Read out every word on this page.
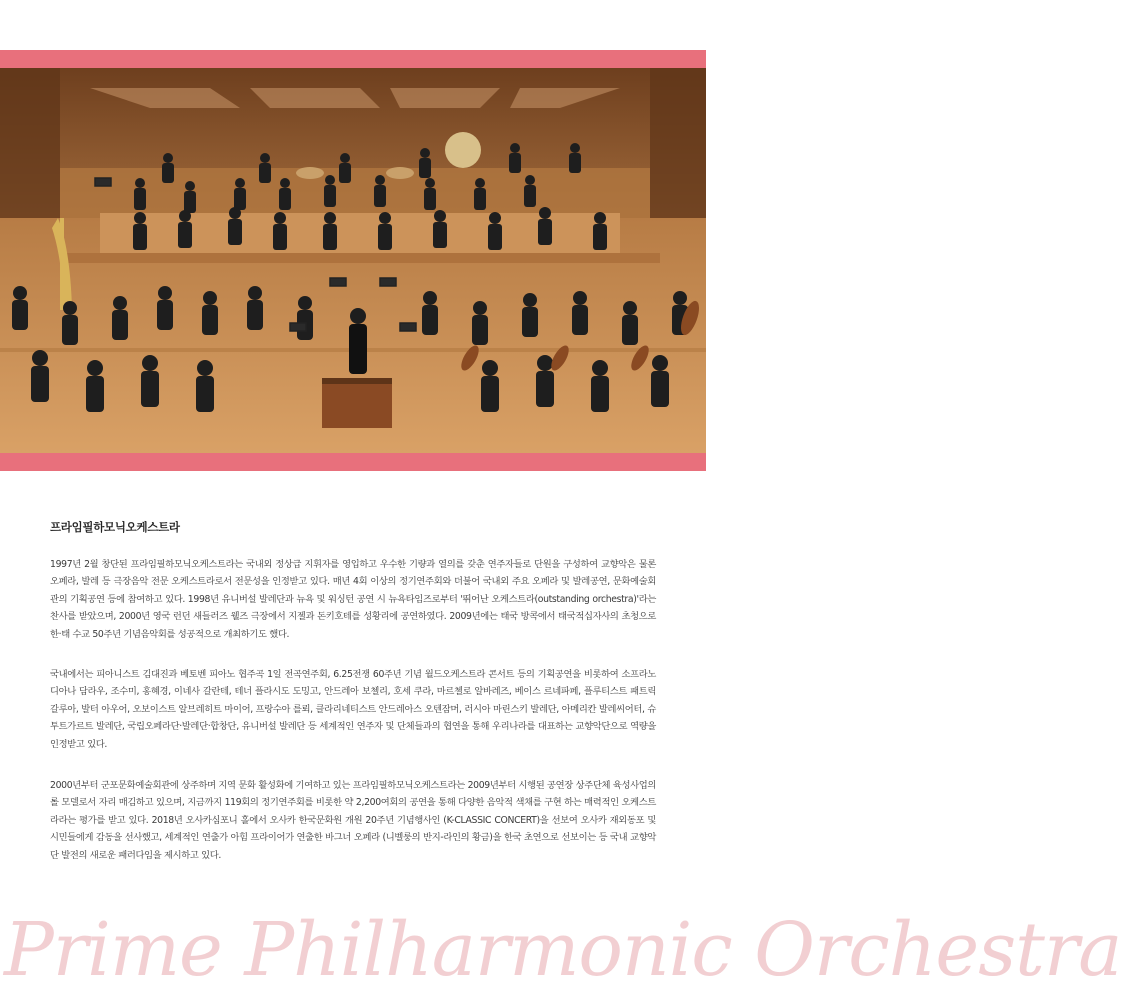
프라임필하모닉오케스트라

1997년 2월 창단된 프라임필하모닉오케스트라는 국내외 정상급 지휘자를 영입하고 우수한 기량과 열의를 갖춘 연주자들로 단원을 구성하여 교향악은 물론 오페라, 발레 등 극장음악 전문 오케스트라로서 전문성을 인정받고 있다. 매년 4회 이상의 정기연주회와 더불어 국내외 주요 오페라 및 발레공연, 문화예술회관의 기획공연 등에 참여하고 있다. 1998년 유니버설 발레단과 뉴욕 및 워싱턴 공연 시 뉴욕타임즈로부터 '뛰어난 오케스트라(outstanding orchestra)'라는 찬사를 받았으며, 2000년 영국 런던 새들러즈 웰즈 극장에서 지젤과 돈키호테를 성황리에 공연하였다. 2009년에는 태국 방콕에서 태국적십자사의 초청으로 한·태 수교 50주년 기념음악회를 성공적으로 개최하기도 했다.

국내에서는 피아니스트 김대진과 베토벤 피아노 협주곡 1일 전곡연주회, 6.25전쟁 60주년 기념 월드오케스트라 콘서트 등의 기획공연을 비롯하여 소프라노 디아나 담라우, 조수미, 홍혜경, 이네사 갈란테, 테너 플라시도 도밍고, 안드레아 보첼리, 호세 쿠라, 마르첼로 알바레즈, 베이스 르네파페, 플루티스트 패트릭 갈루아, 발터 아우어, 오보이스트 알브레히트 마이어, 프랑수아 를뢰, 클라리네티스트 안드레아스 오텐잠머, 러시아 마린스키 발레단, 아메리칸 발레씨어터, 슈투트가르트 발레단, 국립오페라단·발레단·합창단, 유니버설 발레단 등 세계적인 연주자 및 단체들과의 협연을 통해 우리나라를 대표하는 교향악단으로 역량을 인정받고 있다.

2000년부터 군포문화예술회관에 상주하며 지역 문화 활성화에 기여하고 있는 프라임필하모닉오케스트라는 2009년부터 시행된 공연장 상주단체 육성사업의 롤 모델로서 자리 매김하고 있으며, 지금까지 119회의 정기연주회를 비롯한 약 2,200여회의 공연을 통해 다양한 음악적 색채를 구현 하는 매력적인 오케스트라라는 평가를 받고 있다. 2018년 오사카심포니 홀에서 오사카 한국문화원 개원 20주년 기념행사인 (K-CLASSIC CONCERT)을 선보여 오사카 재외동포 및 시민들에게 감동을 선사했고, 세계적인 연출가 아힘 프라이어가 연출한 바그너 오페라 (니벨룽의 반지-라인의 황금)을 한국 초연으로 선보이는 등 국내 교향악단 발전의 새로운 패러다임을 제시하고 있다.

Prime Philharmonic Orchestra
